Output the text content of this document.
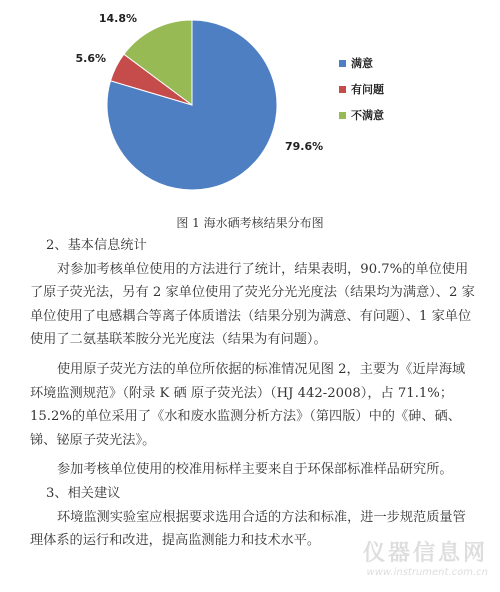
79.6%
5.6%
14.8%
满意
有问题
不满意
图 1 海水硒考核结果分布图

2、基本信息统计

对参加考核单位使用的方法进行了统计，结果表明，90.7%的单位使用了原子荧光法，另有 2 家单位使用了荧光分光光度法（结果均为满意）、2 家单位使用了电感耦合等离子体质谱法（结果分别为满意、有问题）、1 家单位使用了二氨基联苯胺分光光度法（结果为有问题）。

使用原子荧光方法的单位所依据的标准情况见图 2，主要为《近岸海域环境监测规范》（附录 K 硒 原子荧光法）（HJ 442-2008），占 71.1%；15.2%的单位采用了《水和废水监测分析方法》（第四版）中的《砷、硒、锑、铋原子荧光法》。

参加考核单位使用的校准用标样主要来自于环保部标准样品研究所。

3、相关建议

环境监测实验室应根据要求选用合适的方法和标准，进一步规范质量管理体系的运行和改进，提高监测能力和技术水平。

仪器信息网
www.instrument.com.cn
